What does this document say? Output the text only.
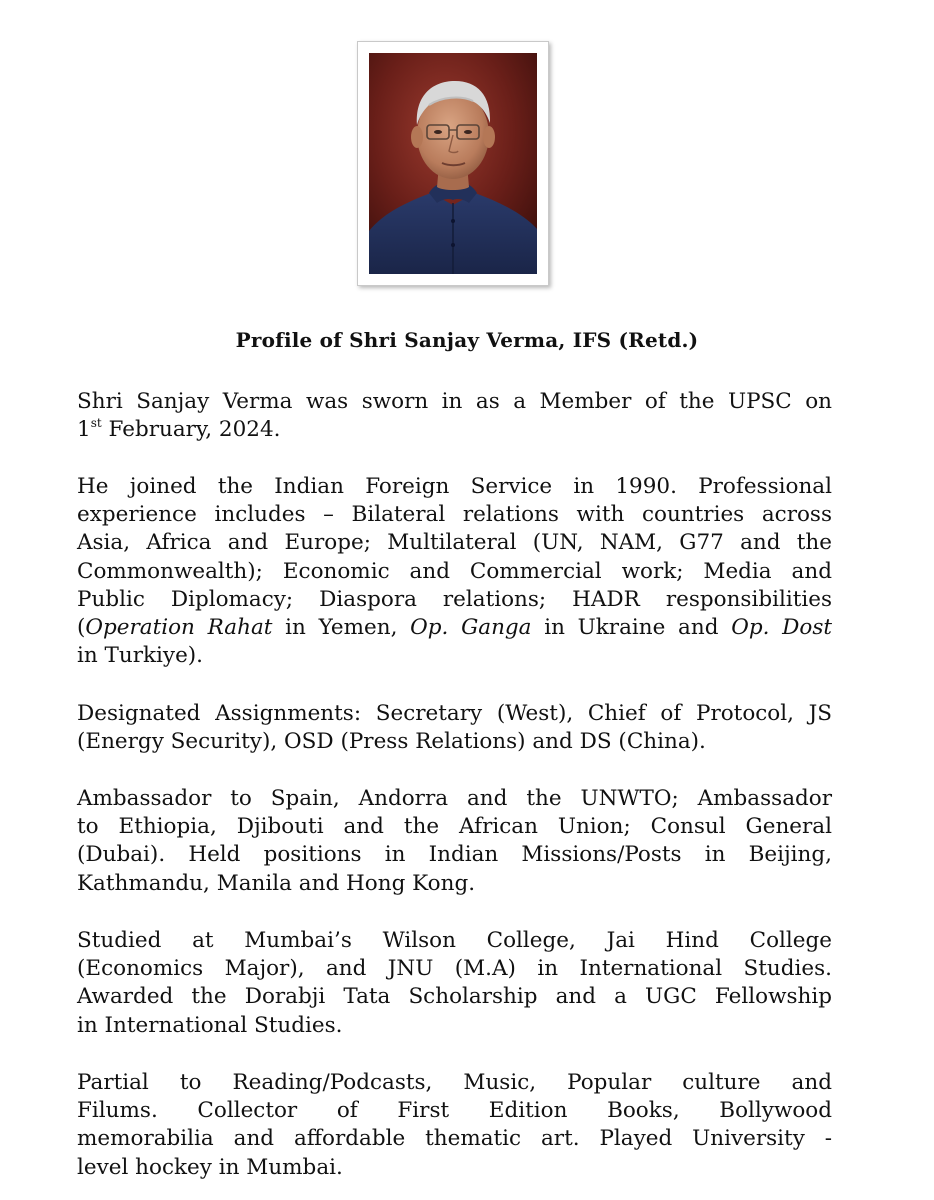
Profile of Shri Sanjay Verma, IFS (Retd.)
Shri Sanjay Verma was sworn in as a Member of the UPSC on
1st February, 2024.
He joined the Indian Foreign Service in 1990. Professional
experience includes – Bilateral relations with countries across
Asia, Africa and Europe; Multilateral (UN, NAM, G77 and the
Commonwealth); Economic and Commercial work; Media and
Public Diplomacy; Diaspora relations; HADR responsibilities
(Operation Rahat in Yemen, Op. Ganga in Ukraine and Op. Dost
in Turkiye).
Designated Assignments: Secretary (West), Chief of Protocol, JS
(Energy Security), OSD (Press Relations) and DS (China).
Ambassador to Spain, Andorra and the UNWTO; Ambassador
to Ethiopia, Djibouti and the African Union; Consul General
(Dubai). Held positions in Indian Missions/Posts in Beijing,
Kathmandu, Manila and Hong Kong.
Studied at Mumbai’s Wilson College, Jai Hind College
(Economics Major), and JNU (M.A) in International Studies.
Awarded the Dorabji Tata Scholarship and a UGC Fellowship
in International Studies.
Partial to Reading/Podcasts, Music, Popular culture and
Filums. Collector of First Edition Books, Bollywood
memorabilia and affordable thematic art. Played University -
level hockey in Mumbai.
